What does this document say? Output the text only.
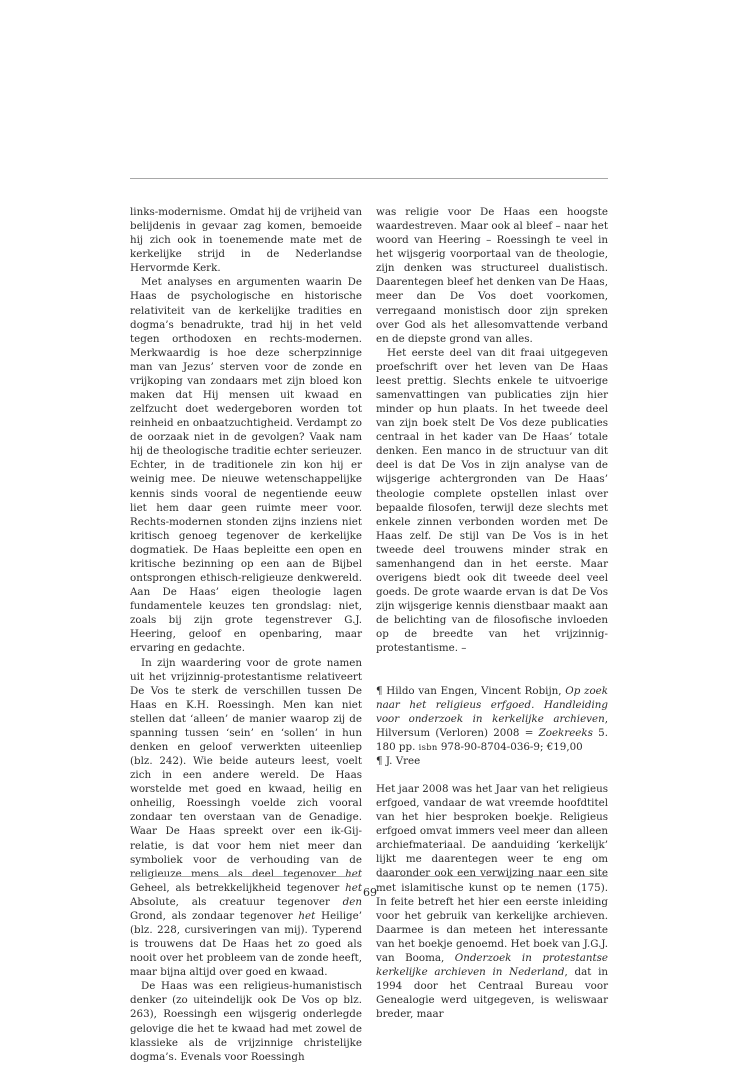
links-modernisme. Omdat hij de vrijheid van belijdenis in gevaar zag komen, bemoeide hij zich ook in toenemende mate met de kerkelijke strijd in de Nederlandse Hervormde Kerk.

Met analyses en argumenten waarin De Haas de psychologische en historische relativiteit van de kerkelijke tradities en dogma’s benadrukte, trad hij in het veld tegen orthodoxen en rechts-modernen. Merkwaardig is hoe deze scherpzinnige man van Jezus’ sterven voor de zonde en vrijkoping van zondaars met zijn bloed kon maken dat Hij mensen uit kwaad en zelfzucht doet wedergeboren worden tot reinheid en onbaatzuchtigheid. Verdampt zo de oorzaak niet in de gevolgen? Vaak nam hij de theologische traditie echter serieuzer. Echter, in de traditionele zin kon hij er weinig mee. De nieuwe wetenschappelijke kennis sinds vooral de negentiende eeuw liet hem daar geen ruimte meer voor. Rechts-modernen stonden zijns inziens niet kritisch genoeg tegenover de kerkelijke dogmatiek. De Haas bepleitte een open en kritische bezinning op een aan de Bijbel ontsprongen ethisch-religieuze denkwereld. Aan De Haas’ eigen theologie lagen fundamentele keuzes ten grondslag: niet, zoals bij zijn grote tegenstrever G.J. Heering, geloof en openbaring, maar ervaring en gedachte.

In zijn waardering voor de grote namen uit het vrijzinnig-protestantisme relativeert De Vos te sterk de verschillen tussen De Haas en K.H. Roessingh. Men kan niet stellen dat ‘alleen’ de manier waarop zij de spanning tussen ‘sein’ en ‘sollen’ in hun denken en geloof verwerkten uiteenliep (blz. 242). Wie beide auteurs leest, voelt zich in een andere wereld. De Haas worstelde met goed en kwaad, heilig en onheilig, Roessingh voelde zich vooral zondaar ten overstaan van de Genadige. Waar De Haas spreekt over een ik-Gij-relatie, is dat voor hem niet meer dan symboliek voor de verhouding van de religieuze mens als deel tegenover het Geheel, als betrekkelijkheid tegenover het Absolute, als creatuur tegenover den Grond, als zondaar tegenover het Heilige’ (blz. 228, cursiveringen van mij). Typerend is trouwens dat De Haas het zo goed als nooit over het probleem van de zonde heeft, maar bijna altijd over goed en kwaad.

De Haas was een religieus-humanistisch denker (zo uiteindelijk ook De Vos op blz. 263), Roessingh een wijsgerig onderlegde gelovige die het te kwaad had met zowel de klassieke als de vrijzinnige christelijke dogma’s. Evenals voor Roessingh

was religie voor De Haas een hoogste waardestreven. Maar ook al bleef – naar het woord van Heering – Roessingh te veel in het wijsgerig voorportaal van de theologie, zijn denken was structureel dualistisch. Daarentegen bleef het denken van De Haas, meer dan De Vos doet voorkomen, verregaand monistisch door zijn spreken over God als het allesomvattende verband en de diepste grond van alles.

Het eerste deel van dit fraai uitgegeven proefschrift over het leven van De Haas leest prettig. Slechts enkele te uitvoerige samenvattingen van publicaties zijn hier minder op hun plaats. In het tweede deel van zijn boek stelt De Vos deze publicaties centraal in het kader van De Haas’ totale denken. Een manco in de structuur van dit deel is dat De Vos in zijn analyse van de wijsgerige achtergronden van De Haas’ theologie complete opstellen inlast over bepaalde filosofen, terwijl deze slechts met enkele zinnen verbonden worden met De Haas zelf. De stijl van De Vos is in het tweede deel trouwens minder strak en samenhangend dan in het eerste. Maar overigens biedt ook dit tweede deel veel goeds. De grote waarde ervan is dat De Vos zijn wijsgerige kennis dienstbaar maakt aan de belichting van de filosofische invloeden op de breedte van het vrijzinnig-protestantisme. –

¶ Hildo van Engen, Vincent Robijn, Op zoek naar het religieus erfgoed. Handleiding voor onderzoek in kerkelijke archieven, Hilversum (Verloren) 2008 = Zoekreeks 5. 180 pp. isbn 978-90-8704-036-9; €19,00

¶ J. Vree

Het jaar 2008 was het Jaar van het religieus erfgoed, vandaar de wat vreemde hoofdtitel van het hier besproken boekje. Religieus erfgoed omvat immers veel meer dan alleen archiefmateriaal. De aanduiding ‘kerkelijk’ lijkt me daarentegen weer te eng om daaronder ook een verwijzing naar een site met islamitische kunst op te nemen (175). In feite betreft het hier een eerste inleiding voor het gebruik van kerkelijke archieven. Daarmee is dan meteen het interessante van het boekje genoemd. Het boek van J.G.J. van Booma, Onderzoek in protestantse kerkelijke archieven in Nederland, dat in 1994 door het Centraal Bureau voor Genealogie werd uitgegeven, is weliswaar breder, maar

69
